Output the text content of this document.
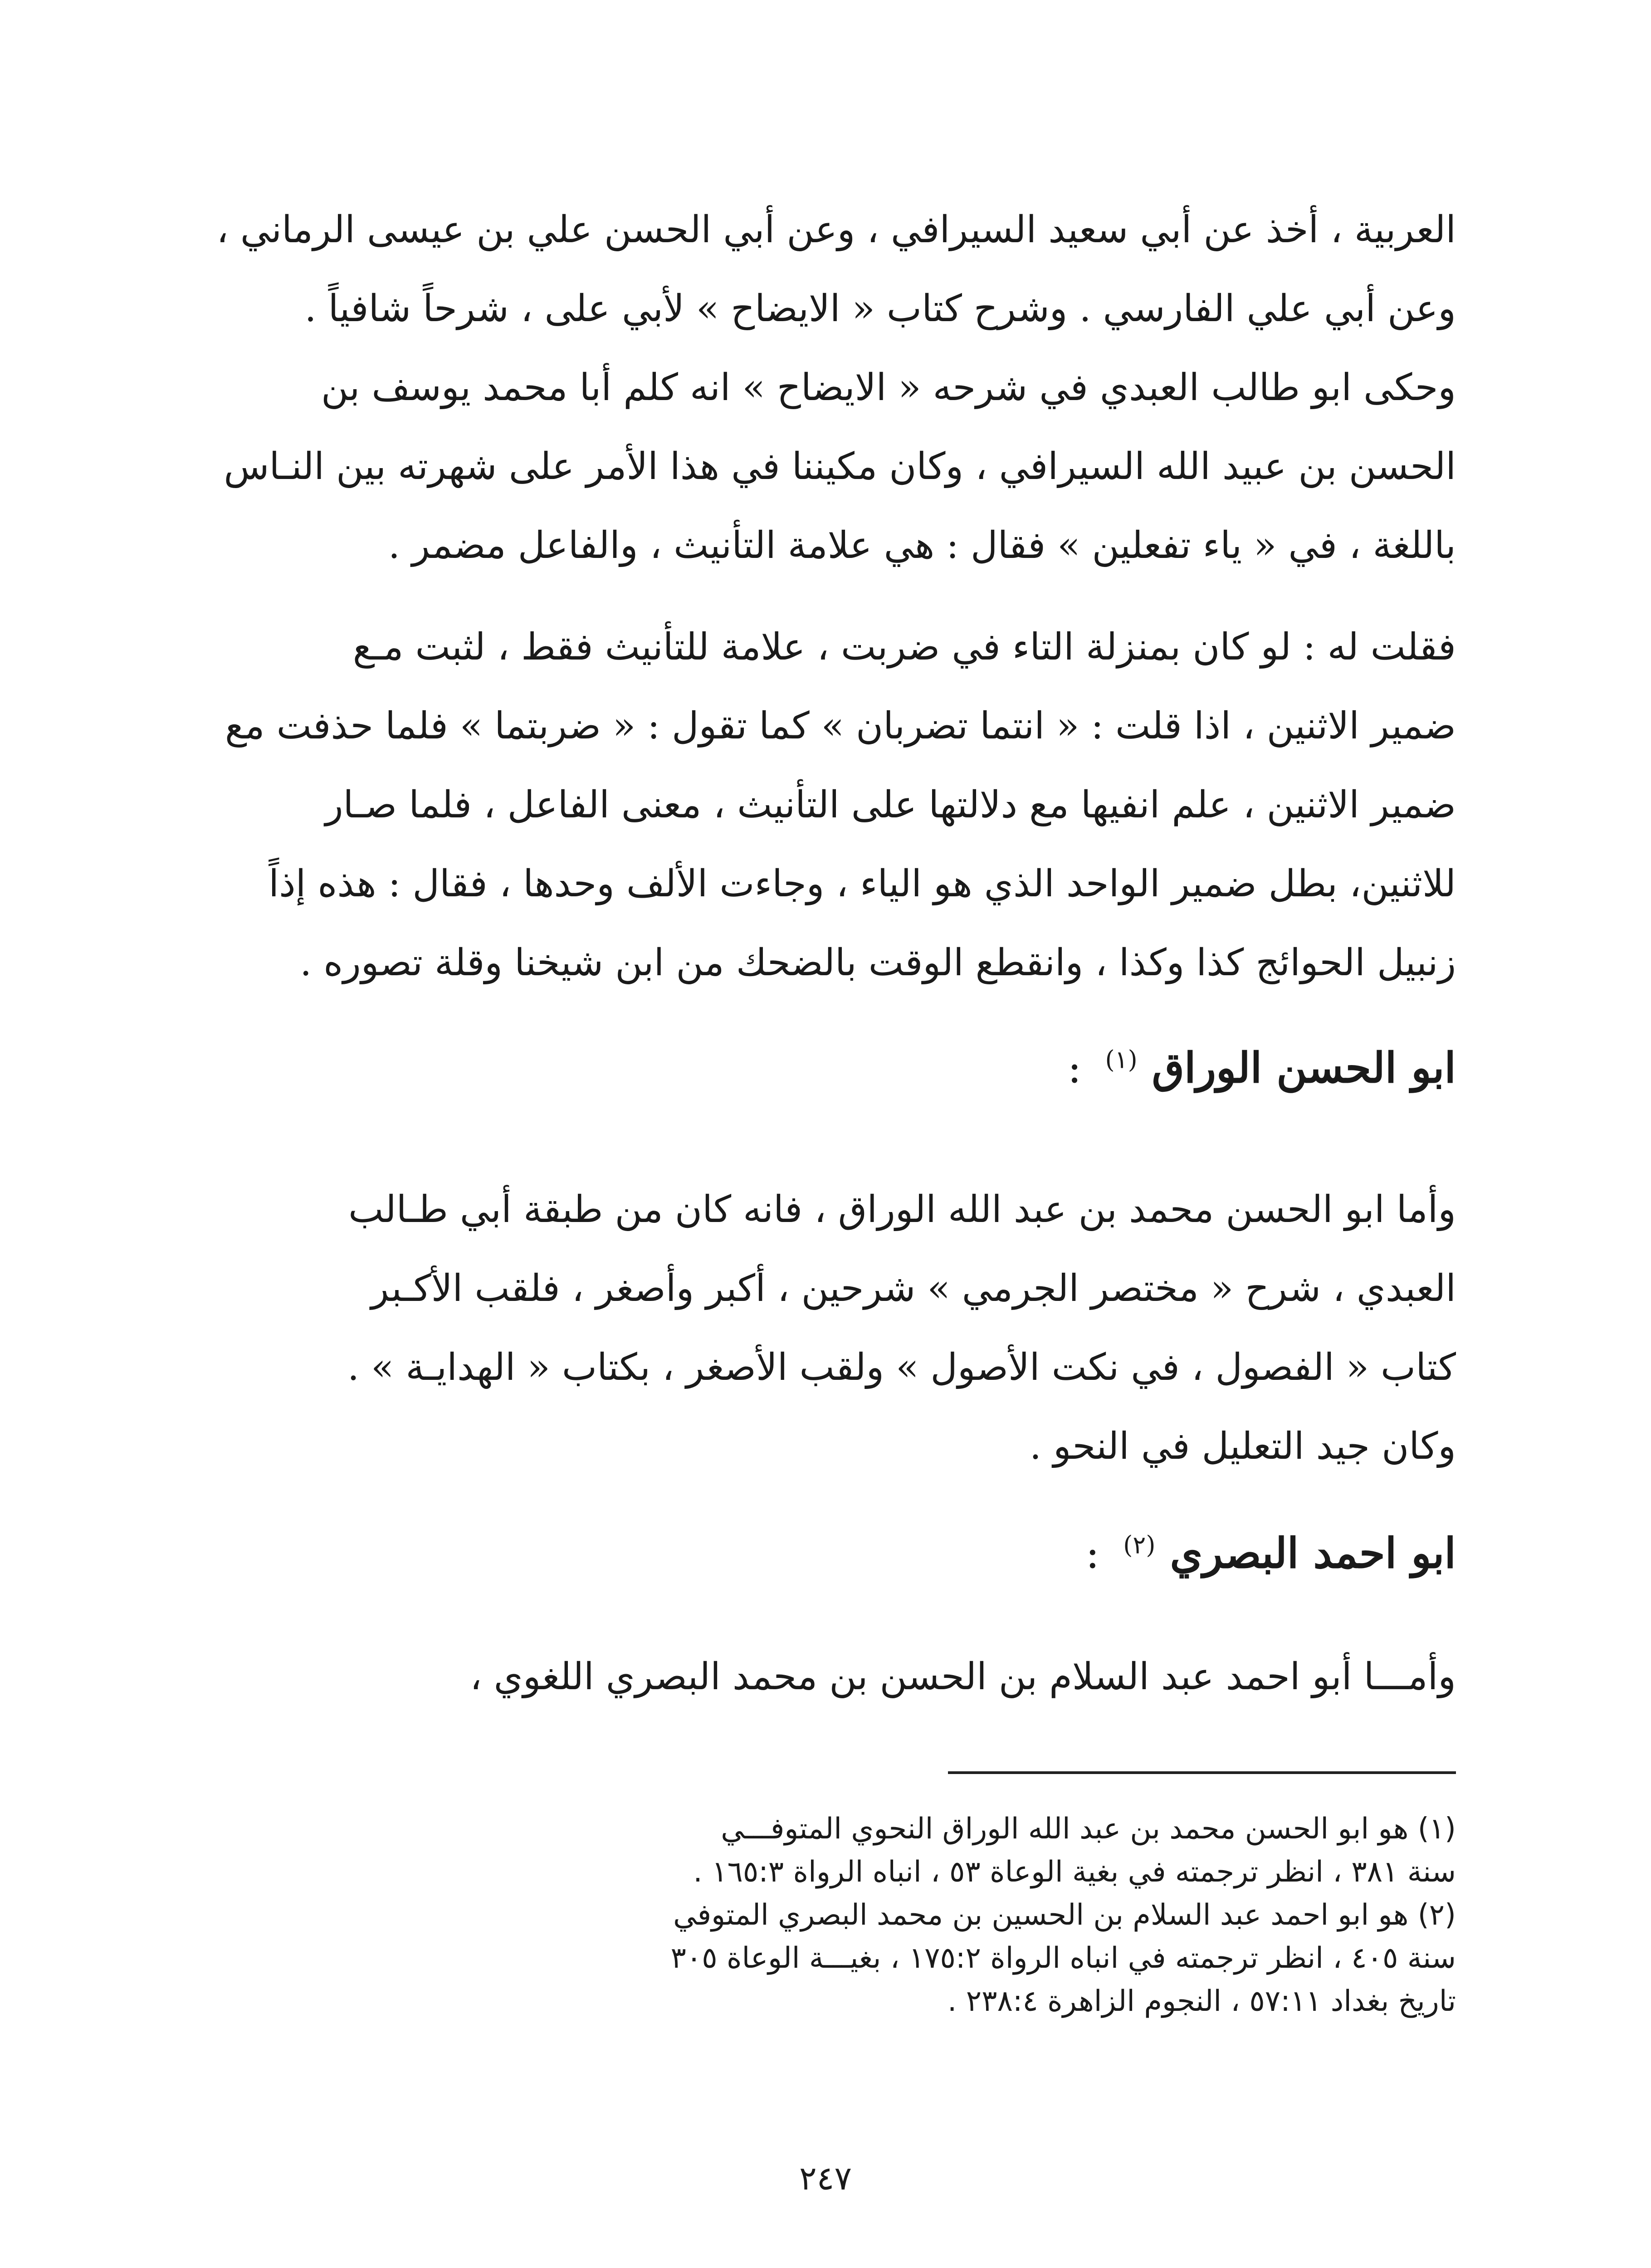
العربية ، أخذ عن أبي سعيد السيرافي ، وعن أبي الحسن علي بن عيسى الرماني ،
وعن أبي علي الفارسي . وشرح كتاب « الايضاح » لأبي على ، شرحاً شافياً .
وحكى ابو طالب العبدي في شرحه « الايضاح » انه كلم أبا محمد يوسف بن
الحسن بن عبيد الله السيرافي ، وكان مكيننا في هذا الأمر على شهرته بين النـاس
باللغة ، في « ياء تفعلين » فقال : هي علامة التأنيث ، والفاعل مضمر .
فقلت له : لو كان بمنزلة التاء في ضربت ، علامة للتأنيث فقط ، لثبت مـع
ضمير الاثنين ، اذا قلت : « انتما تضربان » كما تقول : « ضربتما » فلما حذفت مع
ضمير الاثنين ، علم انفيها مع دلالتها على التأنيث ، معنى الفاعل ، فلما صـار
للاثنين، بطل ضمير الواحد الذي هو الياء ، وجاءت الألف وحدها ، فقال : هذه إذاً
زنبيل الحوائج كذا وكذا ، وانقطع الوقت بالضحك من ابن شيخنا وقلة تصوره .
ابو الحسن الوراق $^{(١)}$ :
وأما ابو الحسن محمد بن عبد الله الوراق ، فانه كان من طبقة أبي طـالب
العبدي ، شرح « مختصر الجرمي » شرحين ، أكبر وأصغر ، فلقب الأكـبر
كتاب « الفصول ، في نكت الأصول » ولقب الأصغر ، بكتاب « الهدايـة » .
وكان جيد التعليل في النحو .
ابو احمد البصري $^{(٢)}$ :
وأمـــا أبو احمد عبد السلام بن الحسن بن محمد البصري اللغوي ،
(١) هو ابو الحسن محمد بن عبد الله الوراق النحوي المتوفـــي
سنة ٣٨١ ، انظر ترجمته في بغية الوعاة ٥٣ ، انباه الرواة ١٦٥:٣ .
(٢) هو ابو احمد عبد السلام بن الحسين بن محمد البصري المتوفي
سنة ٤٠٥ ، انظر ترجمته في انباه الرواة ١٧٥:٢ ، بغيـــة الوعاة ٣٠٥
تاريخ بغداد ٥٧:١١ ، النجوم الزاهرة ٢٣٨:٤ .
٢٤٧
